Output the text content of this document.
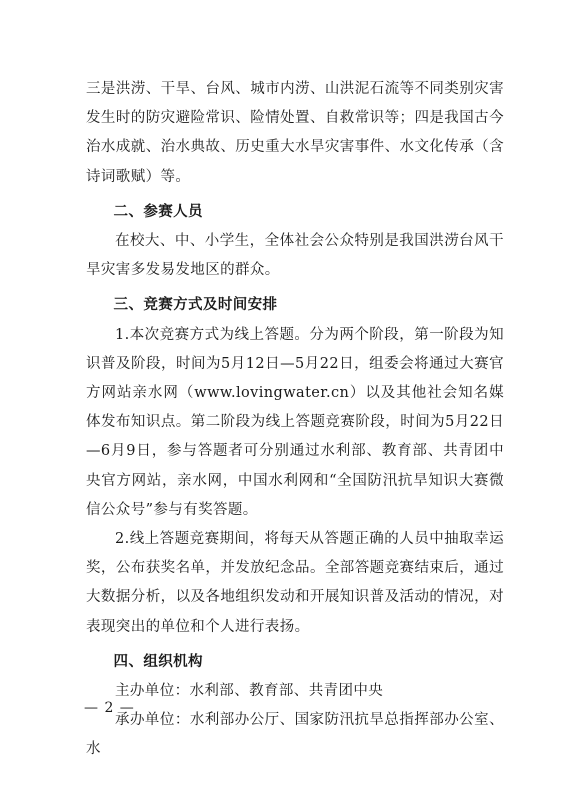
三是洪涝、干旱、台风、城市内涝、山洪泥石流等不同类别灾害发生时的防灾避险常识、险情处置、自救常识等；四是我国古今治水成就、治水典故、历史重大水旱灾害事件、水文化传承（含诗词歌赋）等。

二、参赛人员

在校大、中、小学生，全体社会公众特别是我国洪涝台风干旱灾害多发易发地区的群众。

三、竞赛方式及时间安排

1.本次竞赛方式为线上答题。分为两个阶段，第一阶段为知识普及阶段，时间为5月12日—5月22日，组委会将通过大赛官方网站亲水网（www.lovingwater.cn）以及其他社会知名媒体发布知识点。第二阶段为线上答题竞赛阶段，时间为5月22日—6月9日，参与答题者可分别通过水利部、教育部、共青团中央官方网站，亲水网，中国水利网和“全国防汛抗旱知识大赛微信公众号”参与有奖答题。

2.线上答题竞赛期间，将每天从答题正确的人员中抽取幸运奖，公布获奖名单，并发放纪念品。全部答题竞赛结束后，通过大数据分析，以及各地组织发动和开展知识普及活动的情况，对表现突出的单位和个人进行表扬。

四、组织机构

主办单位：水利部、教育部、共青团中央

承办单位：水利部办公厅、国家防汛抗旱总指挥部办公室、水

— 2 —
